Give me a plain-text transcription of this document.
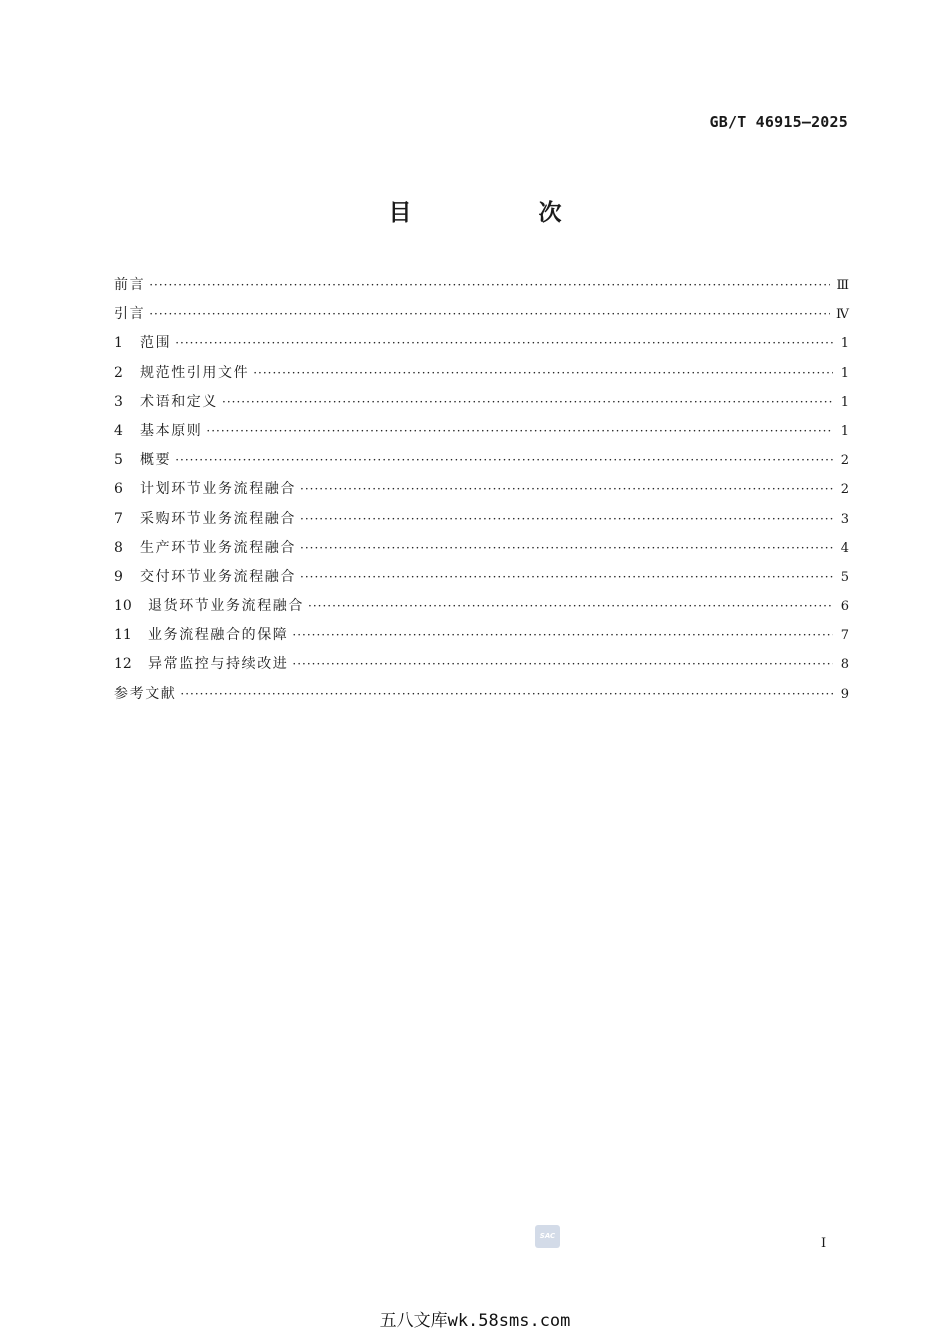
GB/T 46915—2025
目　次
前言 ·····	Ⅲ
引言 ·····	Ⅳ
1	范围 ·····	1
2	规范性引用文件 ·····	1
3	术语和定义 ·····	1
4	基本原则 ·····	1
5	概要 ·····	2
6	计划环节业务流程融合 ·····	2
7	采购环节业务流程融合 ·····	3
8	生产环节业务流程融合 ·····	4
9	交付环节业务流程融合 ·····	5
10	退货环节业务流程融合 ·····	6
11	业务流程融合的保障 ·····	7
12	异常监控与持续改进 ·····	8
参考文献 ·····	9
SAC	I
五八文库wk.58sms.com
